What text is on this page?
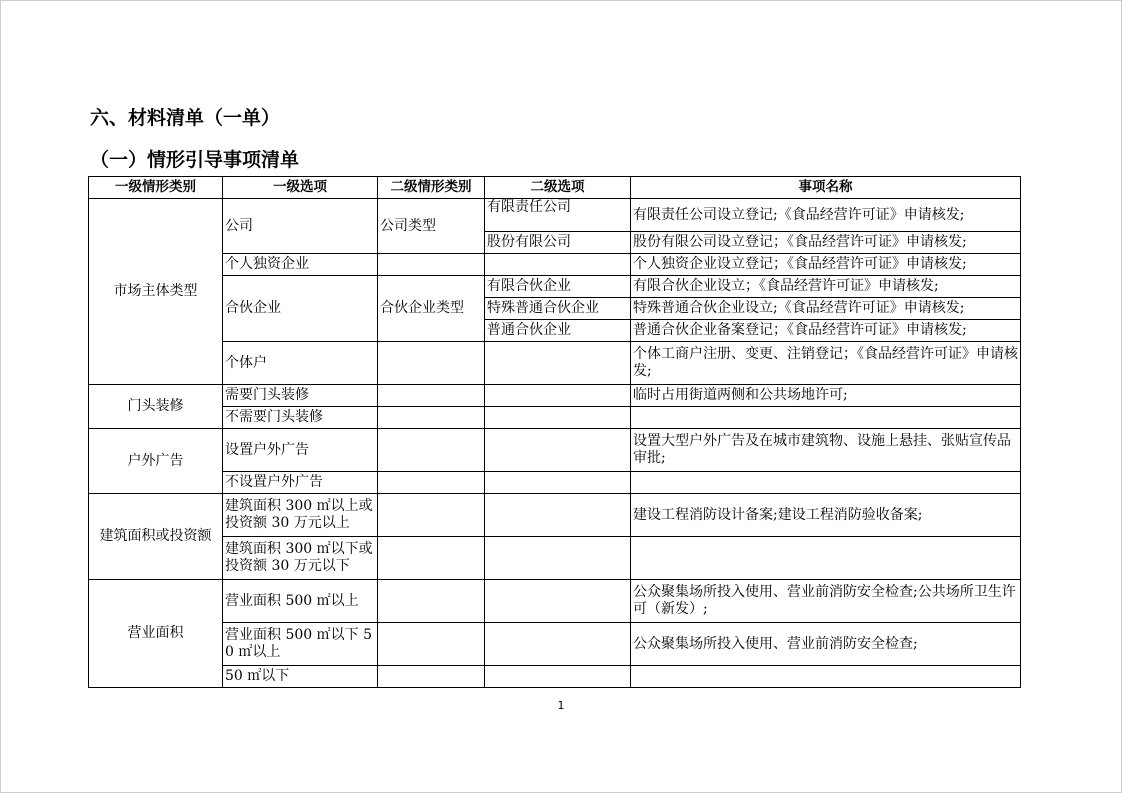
六、材料清单（一单）
（一）情形引导事项清单
一级情形类别	一级选项	二级情形类别	二级选项	事项名称
市场主体类型	公司	公司类型	有限责任公司	有限责任公司设立登记;《食品经营许可证》申请核发;
			股份有限公司	股份有限公司设立登记；《食品经营许可证》申请核发;
	个人独资企业			个人独资企业设立登记；《食品经营许可证》申请核发;
	合伙企业	合伙企业类型	有限合伙企业	有限合伙企业设立；《食品经营许可证》申请核发;
			特殊普通合伙企业	特殊普通合伙企业设立;《食品经营许可证》申请核发;
			普通合伙企业	普通合伙企业备案登记；《食品经营许可证》申请核发;
	个体户			个体工商户注册、变更、注销登记；《食品经营许可证》申请核发;

门头装修	需要门头装修			临时占用街道两侧和公共场地许可;
	不需要门头装修			
户外广告	设置户外广告			设置大型户外广告及在城市建筑物、设施上悬挂、张贴宣传品审批;
	不设置户外广告			
建筑面积或投资额	建筑面积 300 ㎡以上或投资额 30 万元以上			建设工程消防设计备案;建设工程消防验收备案;
	建筑面积 300 ㎡以下或投资额 30 万元以下			
营业面积	营业面积 500 ㎡以上			公众聚集场所投入使用、营业前消防安全检查;公共场所卫生许可（新发）;
	营业面积 500 ㎡以下 50 ㎡以上			公众聚集场所投入使用、营业前消防安全检查;
	50 ㎡以下			
1
